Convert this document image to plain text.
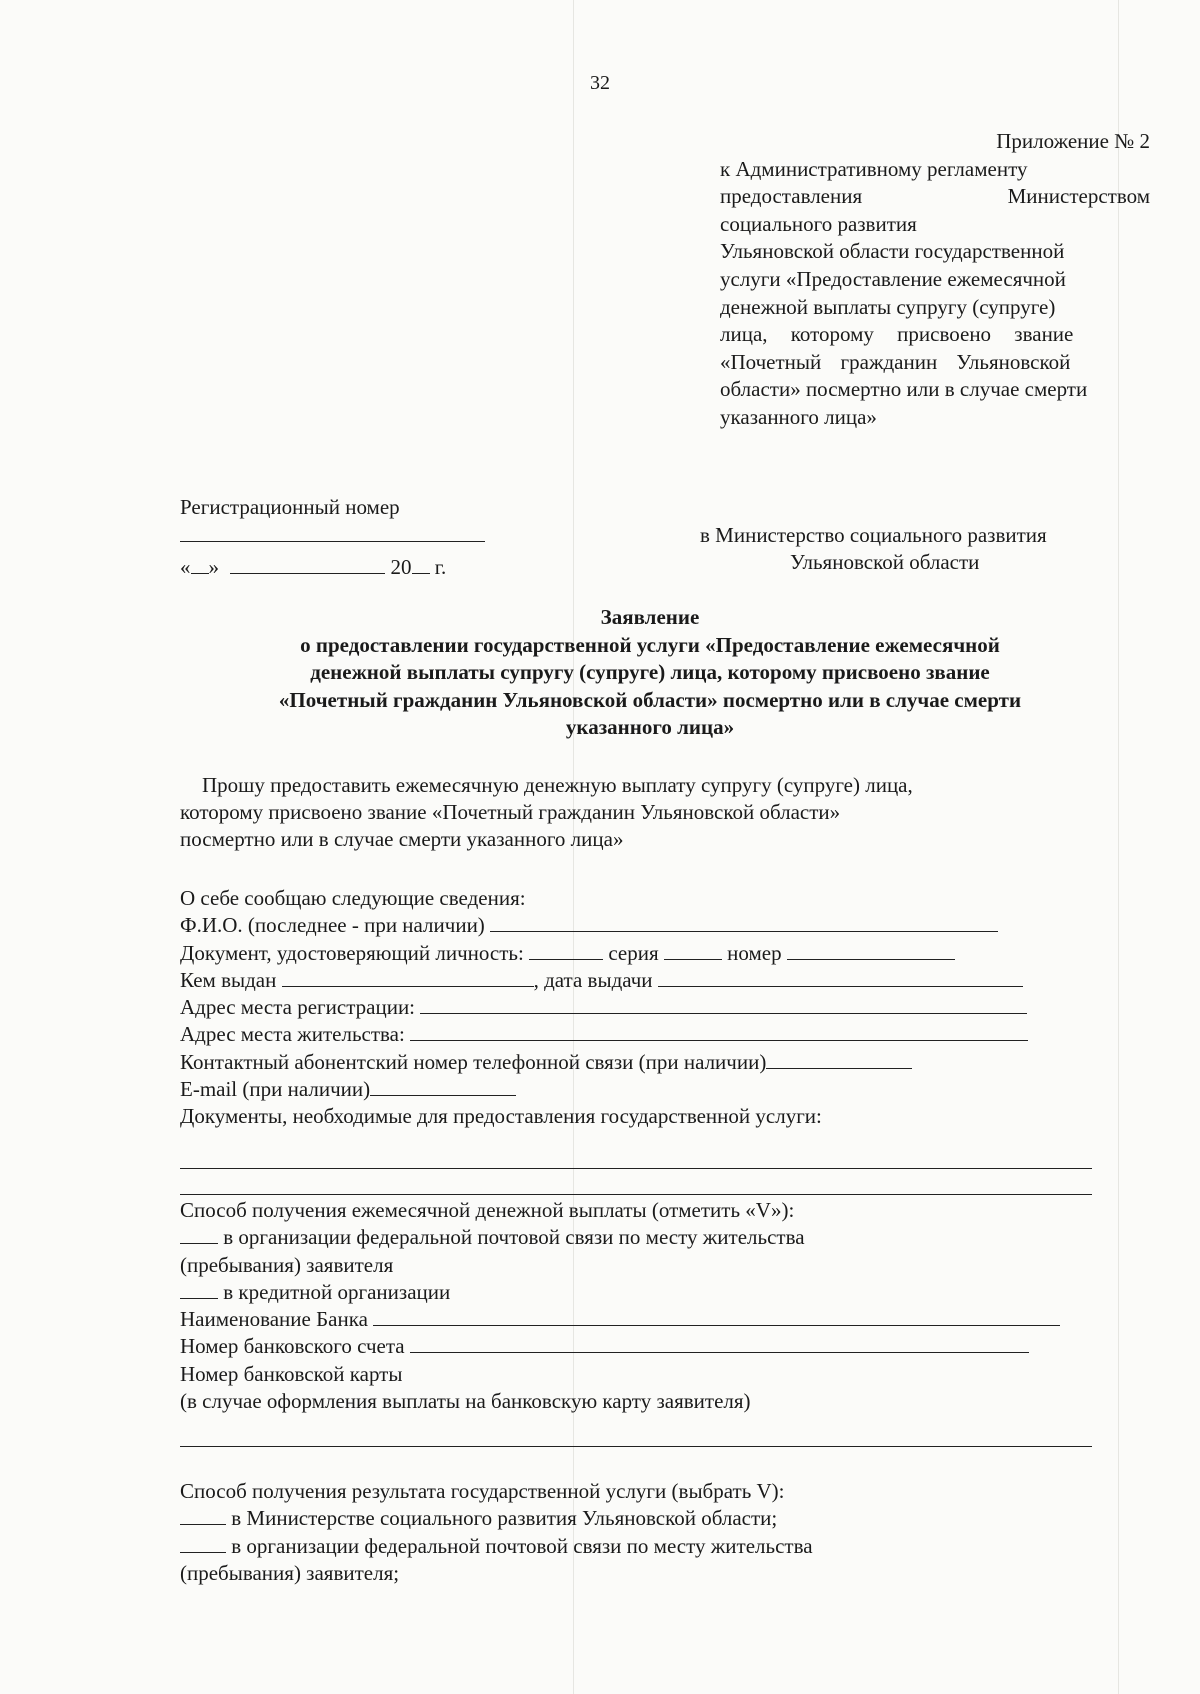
32
Приложение № 2
к Административному регламенту
предоставления	Министерством
социального развития
Ульяновской области государственной
услуги «Предоставление ежемесячной
денежной выплаты супругу (супруге)
лица, которому присвоено звание
«Почетный гражданин Ульяновской
области» посмертно или в случае смерти
указанного лица»
Регистрационный номер
« »	20 г.
в Министерство социального развития
Ульяновской области
Заявление
о предоставлении государственной услуги «Предоставление ежемесячной
денежной выплаты супругу (супруге) лица, которому присвоено звание
«Почетный гражданин Ульяновской области» посмертно или в случае смерти
указанного лица»
Прошу предоставить ежемесячную денежную выплату супругу (супруге) лица,
которому присвоено звание «Почетный гражданин Ульяновской области»
посмертно или в случае смерти указанного лица»
О себе сообщаю следующие сведения:
Ф.И.О. (последнее - при наличии)
Документ, удостоверяющий личность:	серия	номер
Кем выдан	, дата выдачи
Адрес места регистрации:
Адрес места жительства:
Контактный абонентский номер телефонной связи (при наличии)
E-mail (при наличии)
Документы, необходимые для предоставления государственной услуги:
Способ получения ежемесячной денежной выплаты (отметить «V»):
в организации федеральной почтовой связи по месту жительства
(пребывания) заявителя
в кредитной организации
Наименование Банка
Номер банковского счета
Номер банковской карты
(в случае оформления выплаты на банковскую карту заявителя)
Способ получения результата государственной услуги (выбрать V):
в Министерстве социального развития Ульяновской области;
в организации федеральной почтовой связи по месту жительства
(пребывания) заявителя;
